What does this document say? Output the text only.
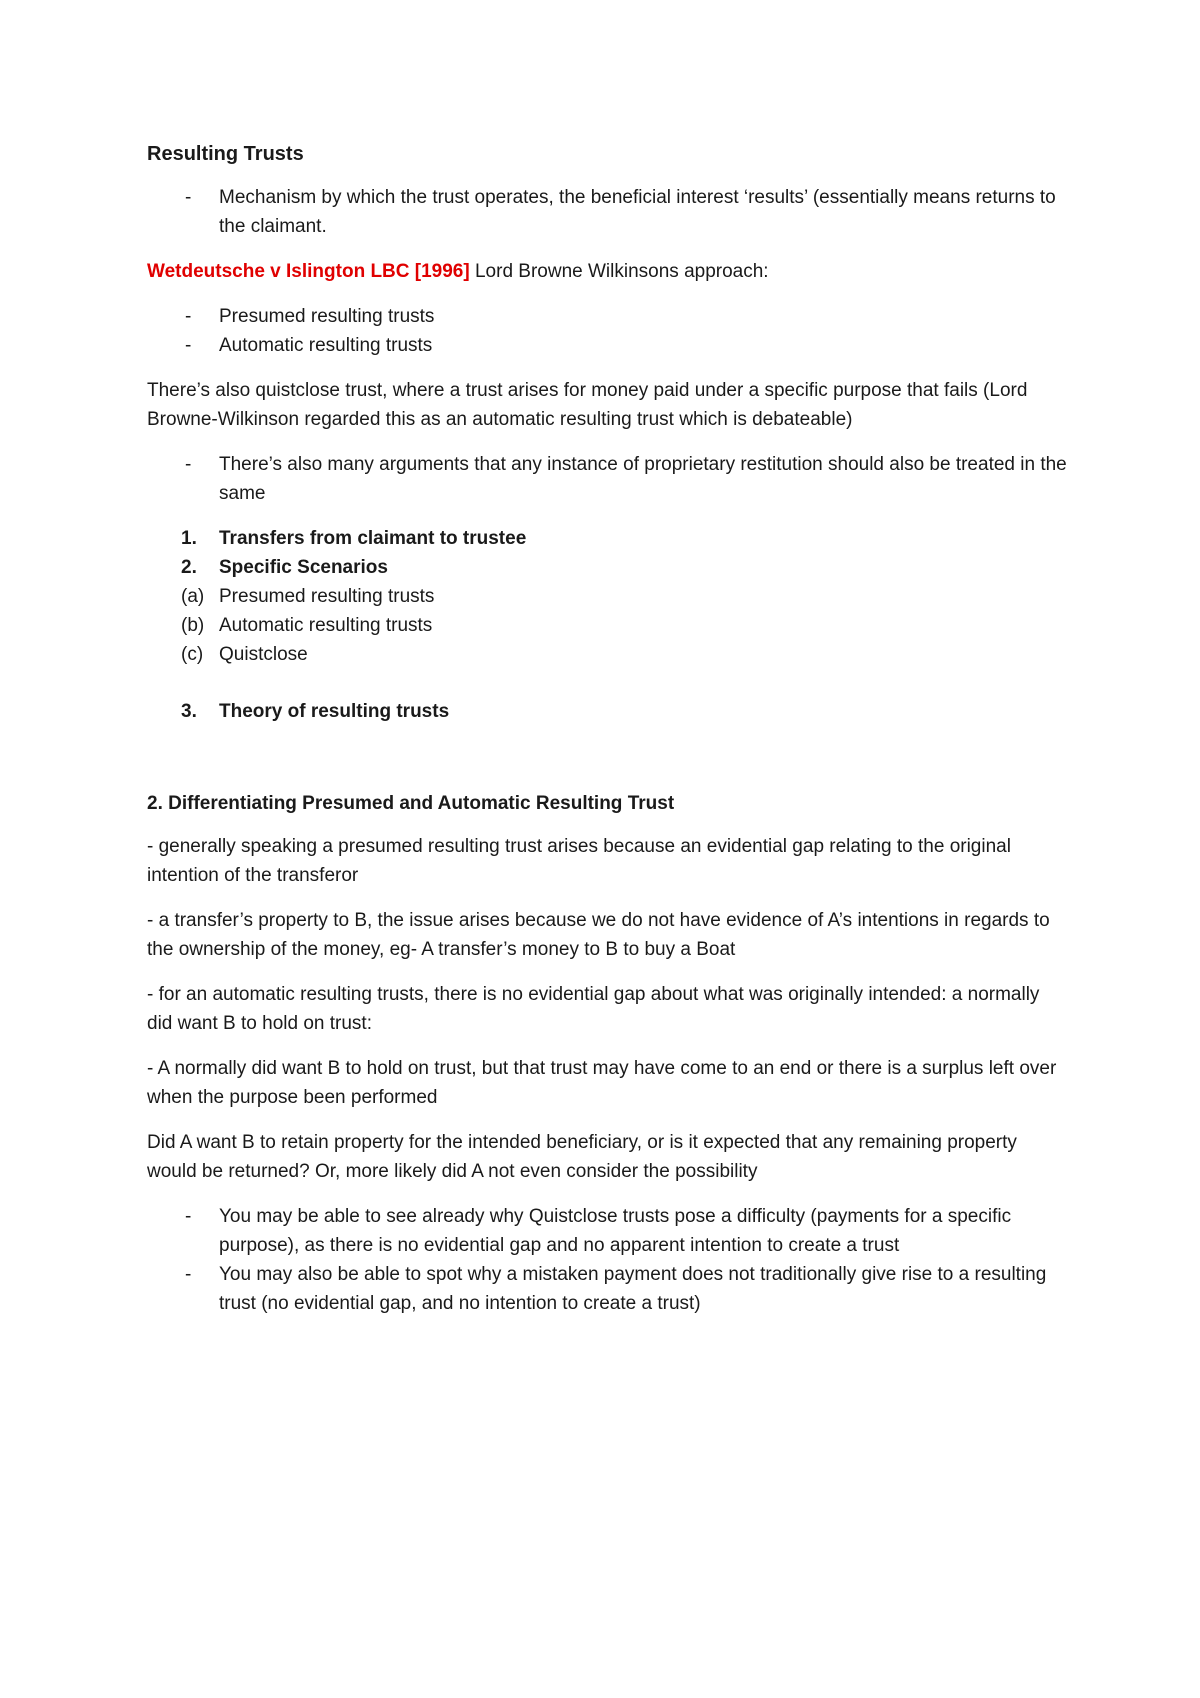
Resulting Trusts
- Mechanism by which the trust operates, the beneficial interest ‘results’ (essentially means returns to the claimant.

Wetdeutsche v Islington LBC [1996] Lord Browne Wilkinsons approach:

- Presumed resulting trusts
- Automatic resulting trusts

There’s also quistclose trust, where a trust arises for money paid under a specific purpose that fails (Lord Browne-Wilkinson regarded this as an automatic resulting trust which is debateable)

- There’s also many arguments that any instance of proprietary restitution should also be treated in the same
1. Transfers from claimant to trustee
2. Specific Scenarios
(a) Presumed resulting trusts
(b) Automatic resulting trusts
(c) Quistclose
3. Theory of resulting trusts
2. Differentiating Presumed and Automatic Resulting Trust

- generally speaking a presumed resulting trust arises because an evidential gap relating to the original intention of the transferor

- a transfer’s property to B, the issue arises because we do not have evidence of A’s intentions in regards to the ownership of the money, eg- A transfer’s money to B to buy a Boat

- for an automatic resulting trusts, there is no evidential gap about what was originally intended: a normally did want B to hold on trust:

- A normally did want B to hold on trust, but that trust may have come to an end or there is a surplus left over when the purpose been performed

Did A want B to retain property for the intended beneficiary, or is it expected that any remaining property would be returned? Or, more likely did A not even consider the possibility

- You may be able to see already why Quistclose trusts pose a difficulty (payments for a specific purpose), as there is no evidential gap and no apparent intention to create a trust
- You may also be able to spot why a mistaken payment does not traditionally give rise to a resulting trust (no evidential gap, and no intention to create a trust)
